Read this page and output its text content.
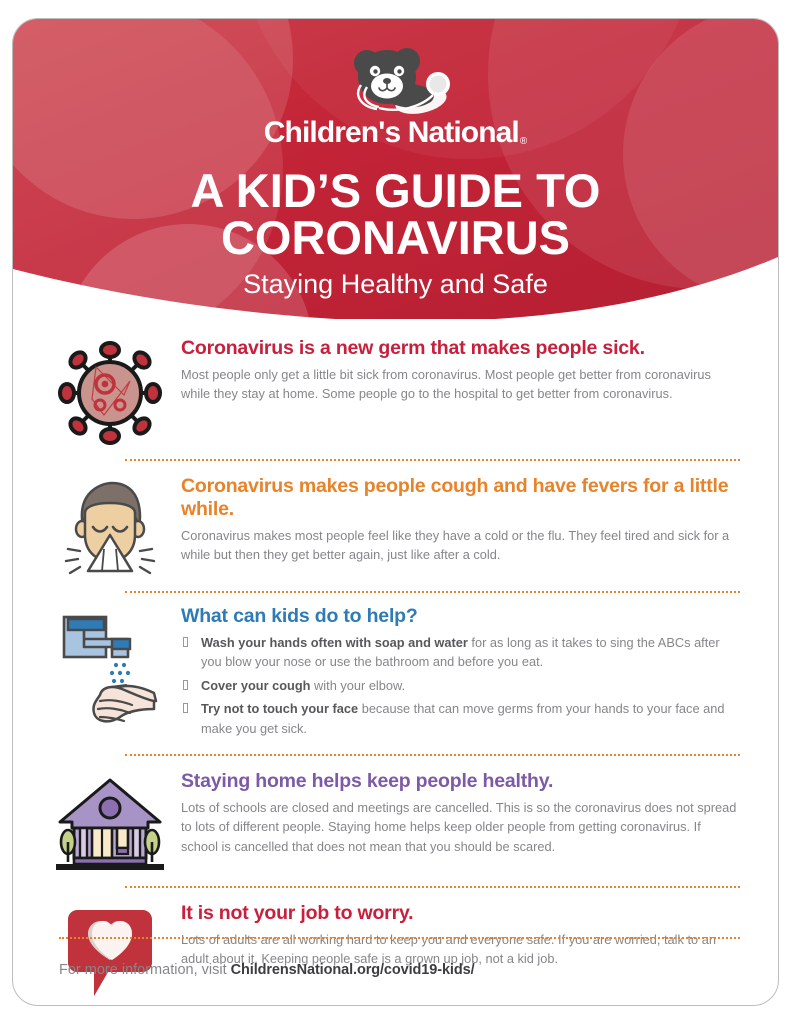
Children's National ®
A KID’S GUIDE TO CORONAVIRUS
Staying Healthy and Safe
Coronavirus is a new germ that makes people sick.

Most people only get a little bit sick from coronavirus. Most people get better from coronavirus while they stay at home. Some people go to the hospital to get better from coronavirus.

Coronavirus makes people cough and have fevers for a little while.

Coronavirus makes most people feel like they have a cold or the flu. They feel tired and sick for a while but then they get better again, just like after a cold.

What can kids do to help?
Wash your hands often with soap and water for as long as it takes to sing the ABCs after you blow your nose or use the bathroom and before you eat.
Cover your cough with your elbow.
Try not to touch your face because that can move germs from your hands to your face and make you get sick.
Staying home helps keep people healthy.

Lots of schools are closed and meetings are cancelled. This is so the coronavirus does not spread to lots of different people. Staying home helps keep older people from getting coronavirus. If school is cancelled that does not mean that you should be scared.

It is not your job to worry.

Lots of adults are all working hard to keep you and everyone safe. If you are worried, talk to an adult about it. Keeping people safe is a grown up job, not a kid job.

For more information, visit ChildrensNational.org/covid19-kids/
